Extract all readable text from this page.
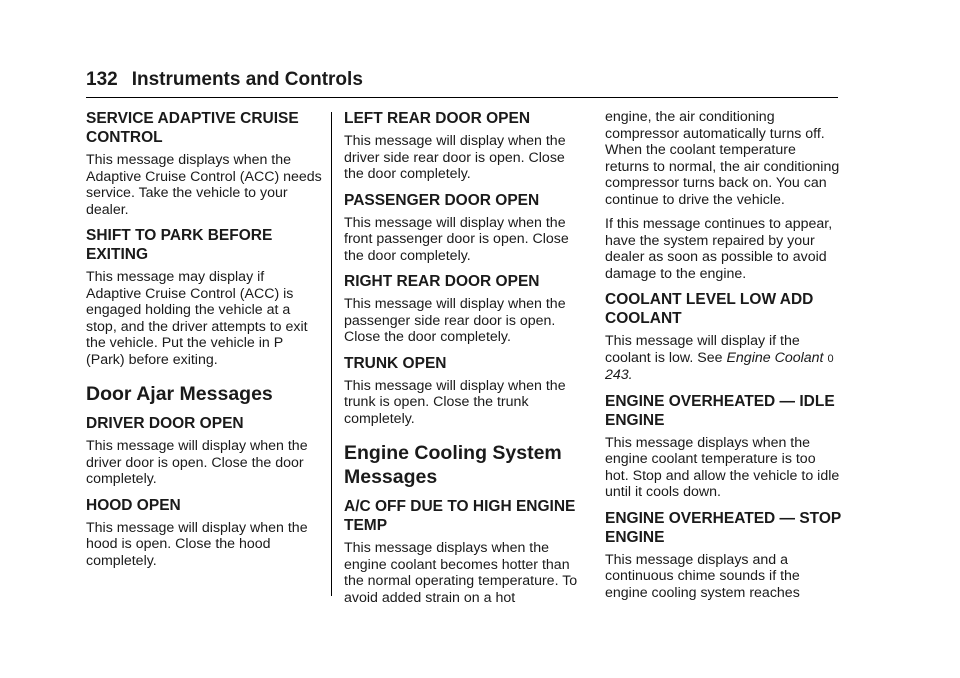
132 Instruments and Controls
SERVICE ADAPTIVE CRUISE CONTROL
This message displays when the Adaptive Cruise Control (ACC) needs service. Take the vehicle to your dealer.
SHIFT TO PARK BEFORE EXITING
This message may display if Adaptive Cruise Control (ACC) is engaged holding the vehicle at a stop, and the driver attempts to exit the vehicle. Put the vehicle in P (Park) before exiting.
Door Ajar Messages
DRIVER DOOR OPEN
This message will display when the driver door is open. Close the door completely.
HOOD OPEN
This message will display when the hood is open. Close the hood completely.
LEFT REAR DOOR OPEN
This message will display when the driver side rear door is open. Close the door completely.
PASSENGER DOOR OPEN
This message will display when the front passenger door is open. Close the door completely.
RIGHT REAR DOOR OPEN
This message will display when the passenger side rear door is open. Close the door completely.
TRUNK OPEN
This message will display when the trunk is open. Close the trunk completely.
Engine Cooling System Messages
A/C OFF DUE TO HIGH ENGINE TEMP
This message displays when the engine coolant becomes hotter than the normal operating temperature. To avoid added strain on a hot
engine, the air conditioning compressor automatically turns off. When the coolant temperature returns to normal, the air conditioning compressor turns back on. You can continue to drive the vehicle.
If this message continues to appear, have the system repaired by your dealer as soon as possible to avoid damage to the engine.
COOLANT LEVEL LOW ADD COOLANT
This message will display if the coolant is low. See Engine Coolant 0 243.
ENGINE OVERHEATED — IDLE ENGINE
This message displays when the engine coolant temperature is too hot. Stop and allow the vehicle to idle until it cools down.
ENGINE OVERHEATED — STOP ENGINE
This message displays and a continuous chime sounds if the engine cooling system reaches
